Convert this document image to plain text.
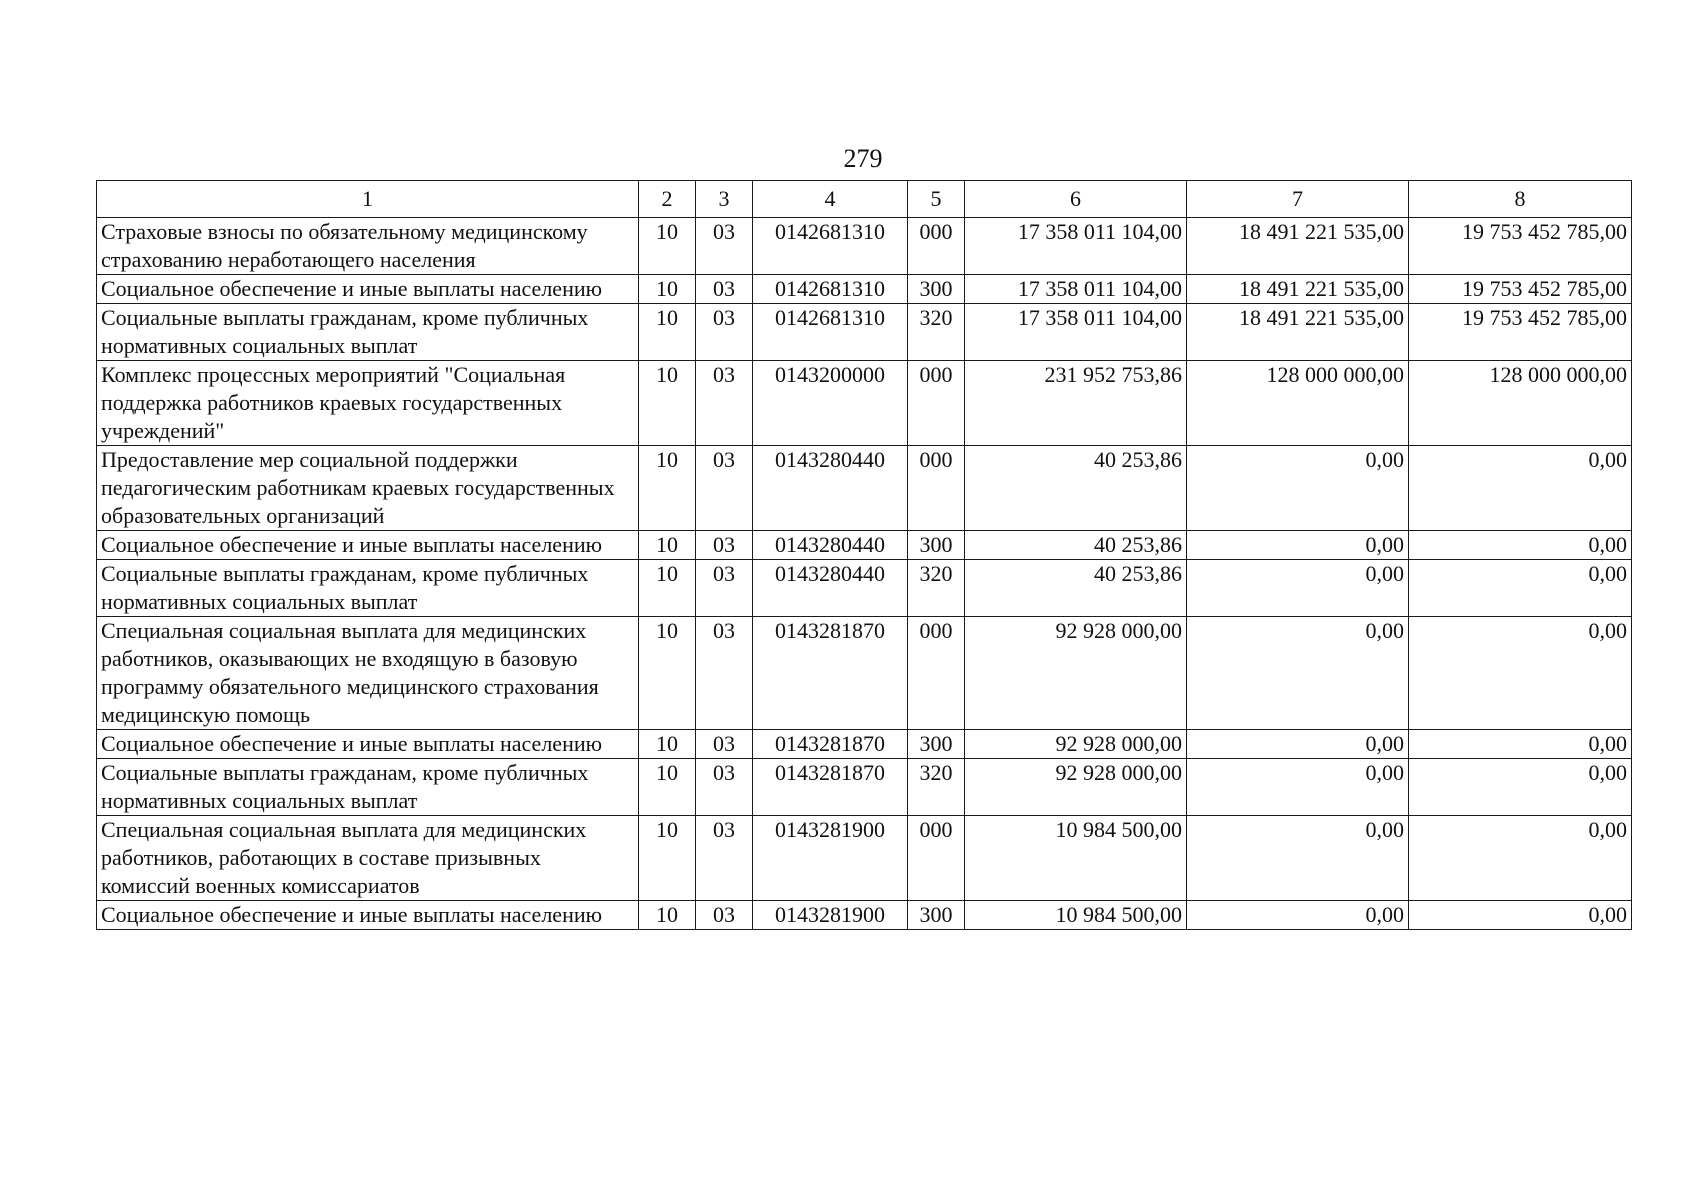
279
1	2	3	4	5	6	7	8
Страховые взносы по обязательному медицинскому страхованию неработающего населения	10	03	0142681310	000	17 358 011 104,00	18 491 221 535,00	19 753 452 785,00
Социальное обеспечение и иные выплаты населению	10	03	0142681310	300	17 358 011 104,00	18 491 221 535,00	19 753 452 785,00
Социальные выплаты гражданам, кроме публичных нормативных социальных выплат	10	03	0142681310	320	17 358 011 104,00	18 491 221 535,00	19 753 452 785,00
Комплекс процессных мероприятий "Социальная поддержка работников краевых государственных учреждений"	10	03	0143200000	000	231 952 753,86	128 000 000,00	128 000 000,00
Предоставление мер социальной поддержки педагогическим работникам краевых государственных образовательных организаций	10	03	0143280440	000	40 253,86	0,00	0,00
Социальное обеспечение и иные выплаты населению	10	03	0143280440	300	40 253,86	0,00	0,00
Социальные выплаты гражданам, кроме публичных нормативных социальных выплат	10	03	0143280440	320	40 253,86	0,00	0,00
Специальная социальная выплата для медицинских работников, оказывающих не входящую в базовую программу обязательного медицинского страхования медицинскую помощь	10	03	0143281870	000	92 928 000,00	0,00	0,00
Социальное обеспечение и иные выплаты населению	10	03	0143281870	300	92 928 000,00	0,00	0,00
Социальные выплаты гражданам, кроме публичных нормативных социальных выплат	10	03	0143281870	320	92 928 000,00	0,00	0,00
Специальная социальная выплата для медицинских работников, работающих в составе призывных комиссий военных комиссариатов	10	03	0143281900	000	10 984 500,00	0,00	0,00
Социальное обеспечение и иные выплаты населению	10	03	0143281900	300	10 984 500,00	0,00	0,00
